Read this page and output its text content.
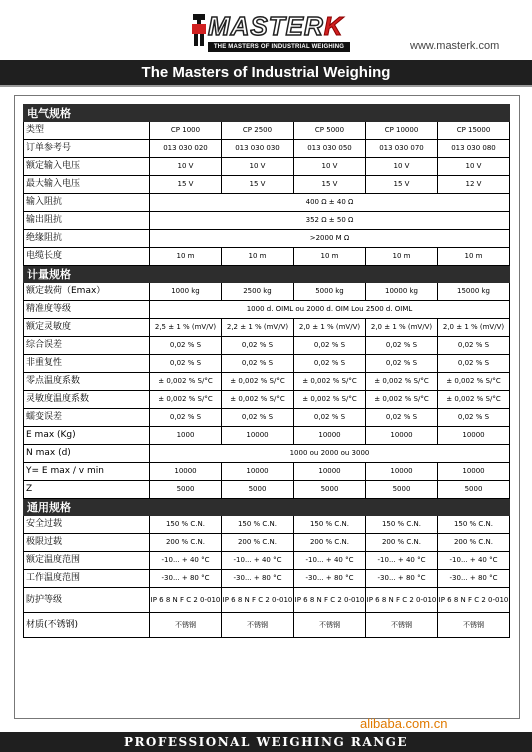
MASTERK
THE MASTERS OF INDUSTRIAL WEIGHING	www.masterk.com
The Masters of Industrial Weighing
电气规格					
类型	CP 1000	CP 2500	CP 5000	CP 10000	CP 15000
订单参考号	013 030 020	013 030 030	013 030 050	013 030 070	013 030 080
额定输入电压	10 V	10 V	10 V	10 V	10 V
最大输入电压	15 V	15 V	15 V	15 V	12 V
输入阻抗	400 Ω ± 40 Ω				
输出阻抗	352 Ω ± 50 Ω				
绝缘阻抗	>2000 M Ω				
电缆长度	10 m	10 m	10 m	10 m	10 m
计量规格					
额定载荷（Emax）	1000 kg	2500 kg	5000 kg	10000 kg	15000 kg
精准度等级	1000 d. OIML ou 2000 d. OIM Lou 2500 d. OIML				
额定灵敏度	2,5 ± 1 % (mV/V)	2,2 ± 1 % (mV/V)	2,0 ± 1 % (mV/V)	2,0 ± 1 % (mV/V)	2,0 ± 1 % (mV/V)
综合误差	0,02 % S	0,02 % S	0,02 % S	0,02 % S	0,02 % S
非重复性	0,02 % S	0,02 % S	0,02 % S	0,02 % S	0,02 % S
零点温度系数	± 0,002 % S/°C	± 0,002 % S/°C	± 0,002 % S/°C	± 0,002 % S/°C	± 0,002 % S/°C
灵敏度温度系数	± 0,002 % S/°C	± 0,002 % S/°C	± 0,002 % S/°C	± 0,002 % S/°C	± 0,002 % S/°C
蠕变误差	0,02 % S	0,02 % S	0,02 % S	0,02 % S	0,02 % S
E max (Kg)	1000	10000	10000	10000	10000
N max (d)	1000 ou 2000 ou 3000				
Y= E max / v min	10000	10000	10000	10000	10000
Z	5000	5000	5000	5000	5000
通用规格					
安全过载	150 % C.N.	150 % C.N.	150 % C.N.	150 % C.N.	150 % C.N.
极限过载	200 % C.N.	200 % C.N.	200 % C.N.	200 % C.N.	200 % C.N.
额定温度范围	-10... + 40 °C	-10... + 40 °C	-10... + 40 °C	-10... + 40 °C	-10... + 40 °C
工作温度范围	-30... + 80 °C	-30... + 80 °C	-30... + 80 °C	-30... + 80 °C	-30... + 80 °C
防护等级	IP 6 8 N F C 2 0-010	IP 6 8 N F C 2 0-010	IP 6 8 N F C 2 0-010	IP 6 8 N F C 2 0-010	IP 6 8 N F C 2 0-010
材质(不锈钢)	不锈钢	不锈钢	不锈钢	不锈钢	不锈钢
alibaba.com.cn
PROFESSIONAL WEIGHING RANGE
